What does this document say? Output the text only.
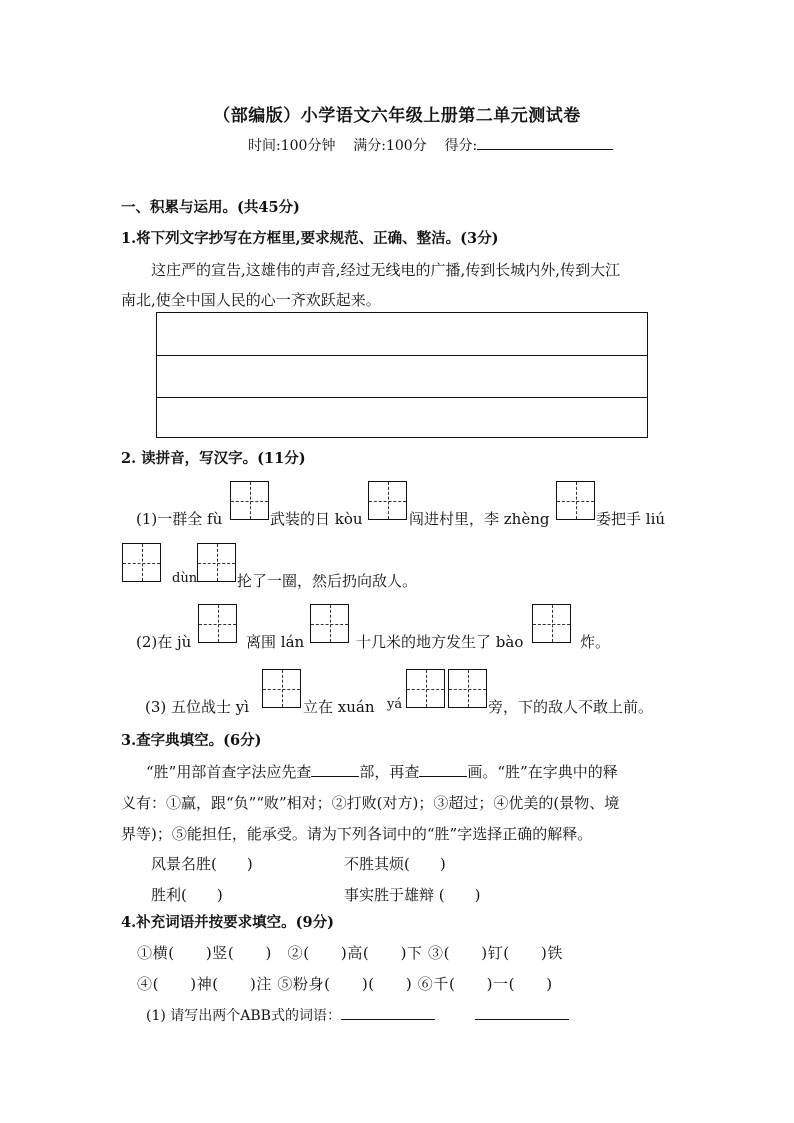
（部编版）小学语文六年级上册第二单元测试卷
时间:100分钟 满分:100分 得分:
一、积累与运用。(共45分)
1.将下列文字抄写在方框里,要求规范、正确、整洁。(3分)
这庄严的宣告,这雄伟的声音,经过无线电的广播,传到长城内外,传到大江
南北,使全中国人民的心一齐欢跃起来。
2. 读拼音，写汉字。(11分)
(1)一群全 fù	武装的日 kòu	闯进村里，李 zhèng	委把手 liú
dùn	抡了一圈，然后扔向敌人。
(2)在 jù	离围 lán	十几米的地方发生了 bào	炸。
(3) 五位战士 yì	立在 xuán yá	旁，下的敌人不敢上前。
3.查字典填空。(6分)
“胜”用部首查字法应先查	部，再查	画。“胜”在字典中的释
义有：①赢，跟“负”“败”相对；②打败(对方)；③超过；④优美的(景物、境
界等)；⑤能担任，能承受。请为下列各词中的“胜”字选择正确的解释。
风景名胜(　　)	不胜其烦(　　)
胜利(　　)	事实胜于雄辩 (　　)
4.补充词语并按要求填空。(9分)
①横(　　)竖(　　)　②(　　)高(　　)下 ③(　　)钉(　　)铁
④(　　)神(　　)注 ⑤粉身(　　)(　　) ⑥千(　　)一(　　)
(1) 请写出两个ABB式的词语：
